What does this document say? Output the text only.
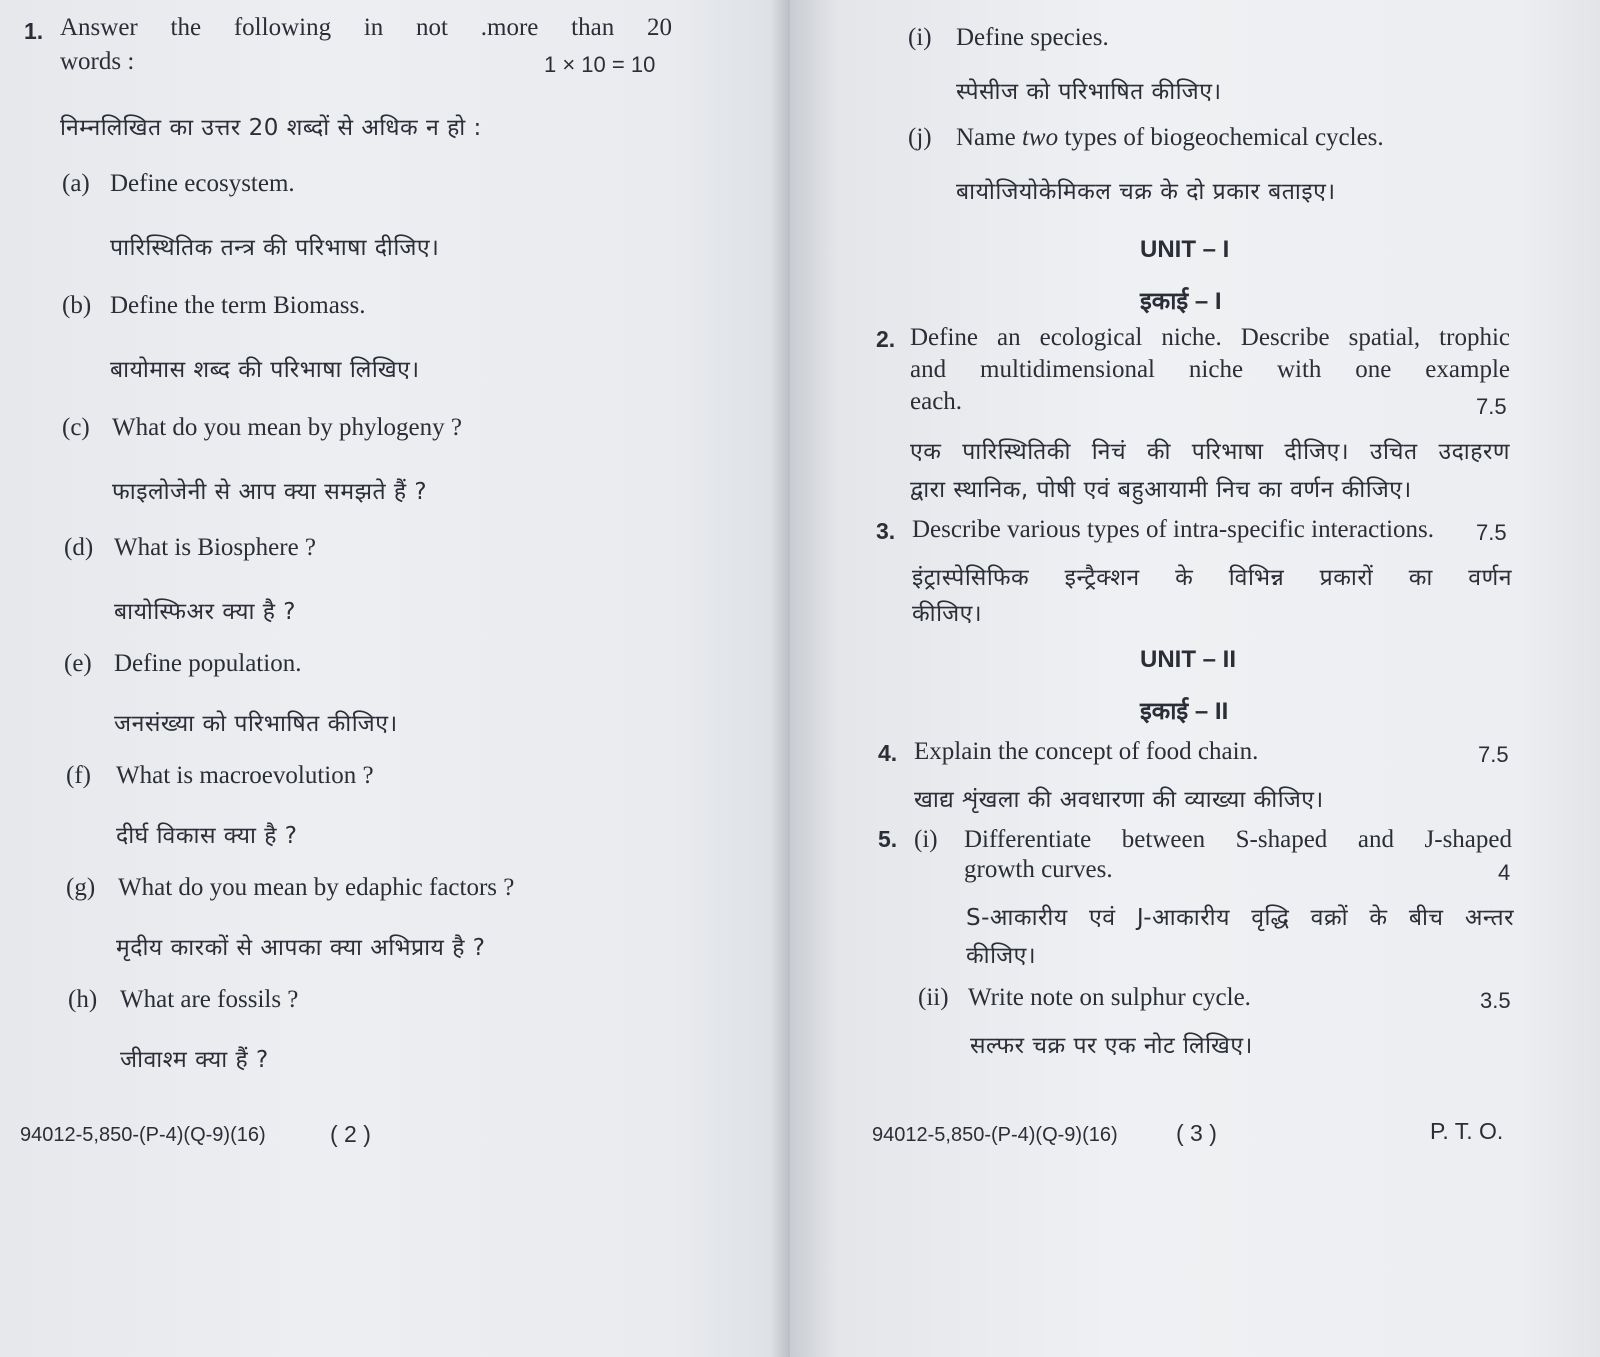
1. Answer the following in not .more than 20
words :	1 × 10 = 10
निम्नलिखित का उत्तर 20 शब्दों से अधिक न हो :
(a) Define ecosystem.
पारिस्थितिक तन्त्र की परिभाषा दीजिए।
(b) Define the term Biomass.
बायोमास शब्द की परिभाषा लिखिए।
(c) What do you mean by phylogeny ?
फाइलोजेनी से आप क्या समझते हैं ?
(d) What is Biosphere ?
बायोस्फिअर क्या है ?
(e) Define population.
जनसंख्या को परिभाषित कीजिए।
(f) What is macroevolution ?
दीर्घ विकास क्या है ?
(g) What do you mean by edaphic factors ?
मृदीय कारकों से आपका क्या अभिप्राय है ?
(h) What are fossils ?
जीवाश्म क्या हैं ?
94012-5,850-(P-4)(Q-9)(16)	( 2 )
(i) Define species.
स्पेसीज को परिभाषित कीजिए।
(j) Name two types of biogeochemical cycles.
बायोजियोकेमिकल चक्र के दो प्रकार बताइए।
UNIT – I
इकाई – I
2. Define an ecological niche. Describe spatial, trophic
and multidimensional niche with one example
each.	7.5
एक पारिस्थितिकी निचं की परिभाषा दीजिए। उचित उदाहरण
द्वारा स्थानिक, पोषी एवं बहुआयामी निच का वर्णन कीजिए।
3. Describe various types of intra-specific interactions. 7.5
इंट्रास्पेसिफिक इन्ट्रैक्शन के विभिन्न प्रकारों का वर्णन
कीजिए।
UNIT – II
इकाई – II
4. Explain the concept of food chain.	7.5
खाद्य शृंखला की अवधारणा की व्याख्या कीजिए।
5. (i) Differentiate between S-shaped and J-shaped
growth curves.	4
S-आकारीय एवं J-आकारीय वृद्धि वक्रों के बीच अन्तर
कीजिए।
(ii) Write note on sulphur cycle.	3.5
सल्फर चक्र पर एक नोट लिखिए।
94012-5,850-(P-4)(Q-9)(16)	( 3 )	P. T. O.
